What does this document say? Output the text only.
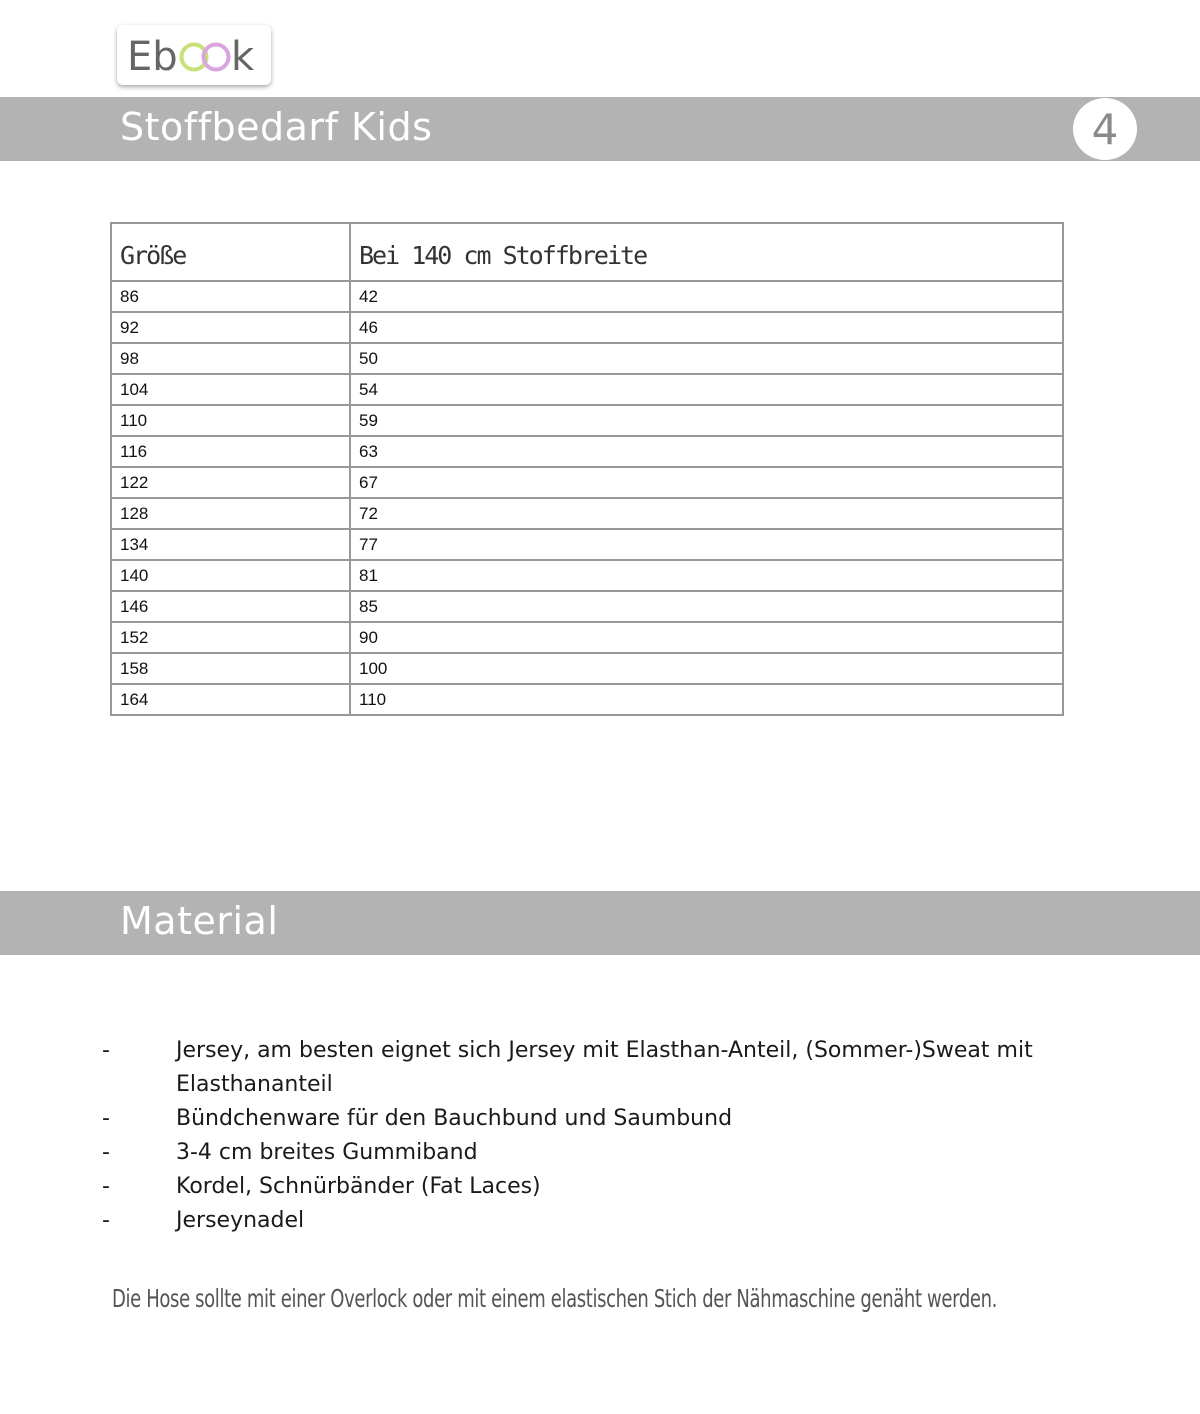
Eb k
Stoffbedarf Kids	4
Größe	Bei 140 cm Stoffbreite
86	42
92	46
98	50
104	54
110	59
116	63
122	67
128	72
134	77
140	81
146	85
152	90
158	100
164	110
Material
-	Jersey, am besten eignet sich Jersey mit Elasthan-Anteil, (Sommer-)Sweat mit Elasthananteil
-	Bündchenware für den Bauchbund und Saumbund
-	3-4 cm breites Gummiband
-	Kordel, Schnürbänder (Fat Laces)
-	Jerseynadel
Die Hose sollte mit einer Overlock oder mit einem elastischen Stich der Nähmaschine genäht werden.
